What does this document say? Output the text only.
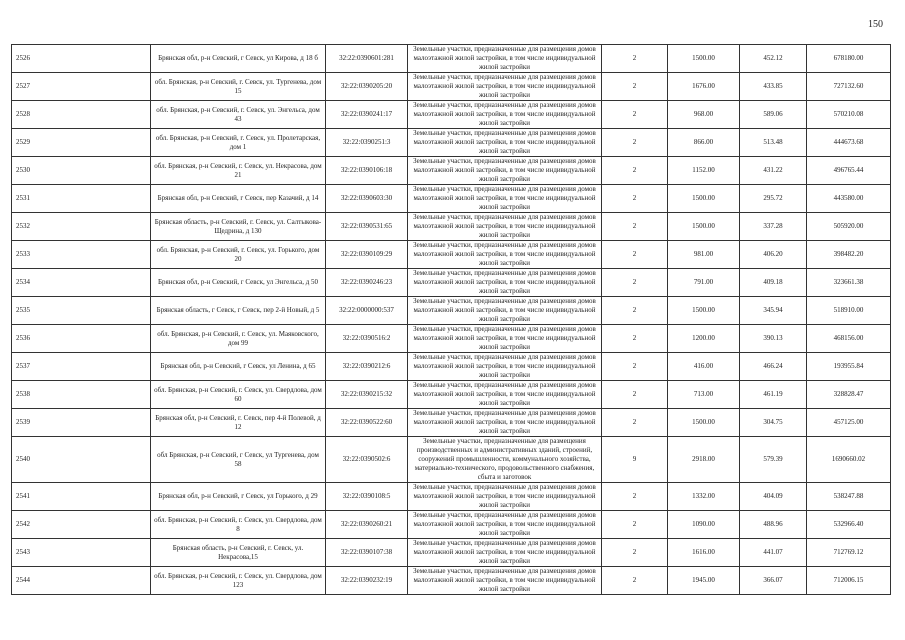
150
2526	Брянская обл, р-н Севский, г Севск, ул Кирова, д 18 б	32:22:0390601:281	Земельные участки, предназначенные для размещения домов малоэтажной жилой застройки, в том числе индивидуальной жилой застройки	2	1500.00	452.12	678180.00
2527	обл. Брянская, р-н Севский, г. Севск, ул. Тургенева, дом 15	32:22:0390205:20	Земельные участки, предназначенные для размещения домов малоэтажной жилой застройки, в том числе индивидуальной жилой застройки	2	1676.00	433.85	727132.60
2528	обл. Брянская, р-н Севский, г. Севск, ул. Энгельса, дом 43	32:22:0390241:17	Земельные участки, предназначенные для размещения домов малоэтажной жилой застройки, в том числе индивидуальной жилой застройки	2	968.00	589.06	570210.08
2529	обл. Брянская, р-н Севский, г. Севск, ул. Пролетарская, дом 1	32:22:0390251:3	Земельные участки, предназначенные для размещения домов малоэтажной жилой застройки, в том числе индивидуальной жилой застройки	2	866.00	513.48	444673.68
2530	обл. Брянская, р-н Севский, г. Севск, ул. Некрасова, дом 21	32:22:0390106:18	Земельные участки, предназначенные для размещения домов малоэтажной жилой застройки, в том числе индивидуальной жилой застройки	2	1152.00	431.22	496765.44
2531	Брянская обл, р-н Севский, г Севск, пер Казачий, д 14	32:22:0390603:30	Земельные участки, предназначенные для размещения домов малоэтажной жилой застройки, в том числе индивидуальной жилой застройки	2	1500.00	295.72	443580.00
2532	Брянская область, р-н Севский, г. Севск, ул. Салтыкова-Щедрина, д 130	32:22:0390531:65	Земельные участки, предназначенные для размещения домов малоэтажной жилой застройки, в том числе индивидуальной жилой застройки	2	1500.00	337.28	505920.00
2533	обл. Брянская, р-н Севский, г. Севск, ул. Горького, дом 20	32:22:0390109:29	Земельные участки, предназначенные для размещения домов малоэтажной жилой застройки, в том числе индивидуальной жилой застройки	2	981.00	406.20	398482.20
2534	Брянская обл, р-н Севский, г Севск, ул Энгельса, д 50	32:22:0390246:23	Земельные участки, предназначенные для размещения домов малоэтажной жилой застройки, в том числе индивидуальной жилой застройки	2	791.00	409.18	323661.38
2535	Брянская область, г Севск, г Севск, пер 2-й Новый, д 5	32:22:0000000:537	Земельные участки, предназначенные для размещения домов малоэтажной жилой застройки, в том числе индивидуальной жилой застройки	2	1500.00	345.94	518910.00
2536	обл. Брянская, р-н Севский, г. Севск, ул. Маяковского, дом 99	32:22:0390516:2	Земельные участки, предназначенные для размещения домов малоэтажной жилой застройки, в том числе индивидуальной жилой застройки	2	1200.00	390.13	468156.00
2537	Брянская обл, р-н Севский, г Севск, ул Ленина, д 65	32:22:0390212:6	Земельные участки, предназначенные для размещения домов малоэтажной жилой застройки, в том числе индивидуальной жилой застройки	2	416.00	466.24	193955.84
2538	обл. Брянская, р-н Севский, г. Севск, ул. Свердлова, дом 60	32:22:0390215:32	Земельные участки, предназначенные для размещения домов малоэтажной жилой застройки, в том числе индивидуальной жилой застройки	2	713.00	461.19	328828.47
2539	Брянская обл, р-н Севский, г. Севск, пер 4-й Полевой, д 12	32:22:0390522:60	Земельные участки, предназначенные для размещения домов малоэтажной жилой застройки, в том числе индивидуальной жилой застройки	2	1500.00	304.75	457125.00
2540	обл Брянская, р-н Севский, г Севск, ул Тургенева, дом 58	32:22:0390502:6	Земельные участки, предназначенные для размещения производственных и административных зданий, строений, сооружений промышленности, коммунального хозяйства, материально-технического, продовольственного снабжения, сбыта и заготовок	9	2918.00	579.39	1690660.02
2541	Брянская обл, р-н Севский, г Севск, ул Горького, д 29	32:22:0390108:5	Земельные участки, предназначенные для размещения домов малоэтажной жилой застройки, в том числе индивидуальной жилой застройки	2	1332.00	404.09	538247.88
2542	обл. Брянская, р-н Севский, г. Севск, ул. Свердлова, дом 8	32:22:0390260:21	Земельные участки, предназначенные для размещения домов малоэтажной жилой застройки, в том числе индивидуальной жилой застройки	2	1090.00	488.96	532966.40
2543	Брянская область, р-н Севский, г. Севск, ул. Некрасова,15	32:22:0390107:38	Земельные участки, предназначенные для размещения домов малоэтажной жилой застройки, в том числе индивидуальной жилой застройки	2	1616.00	441.07	712769.12
2544	обл. Брянская, р-н Севский, г. Севск, ул. Свердлова, дом 123	32:22:0390232:19	Земельные участки, предназначенные для размещения домов малоэтажной жилой застройки, в том числе индивидуальной жилой застройки	2	1945.00	366.07	712006.15
